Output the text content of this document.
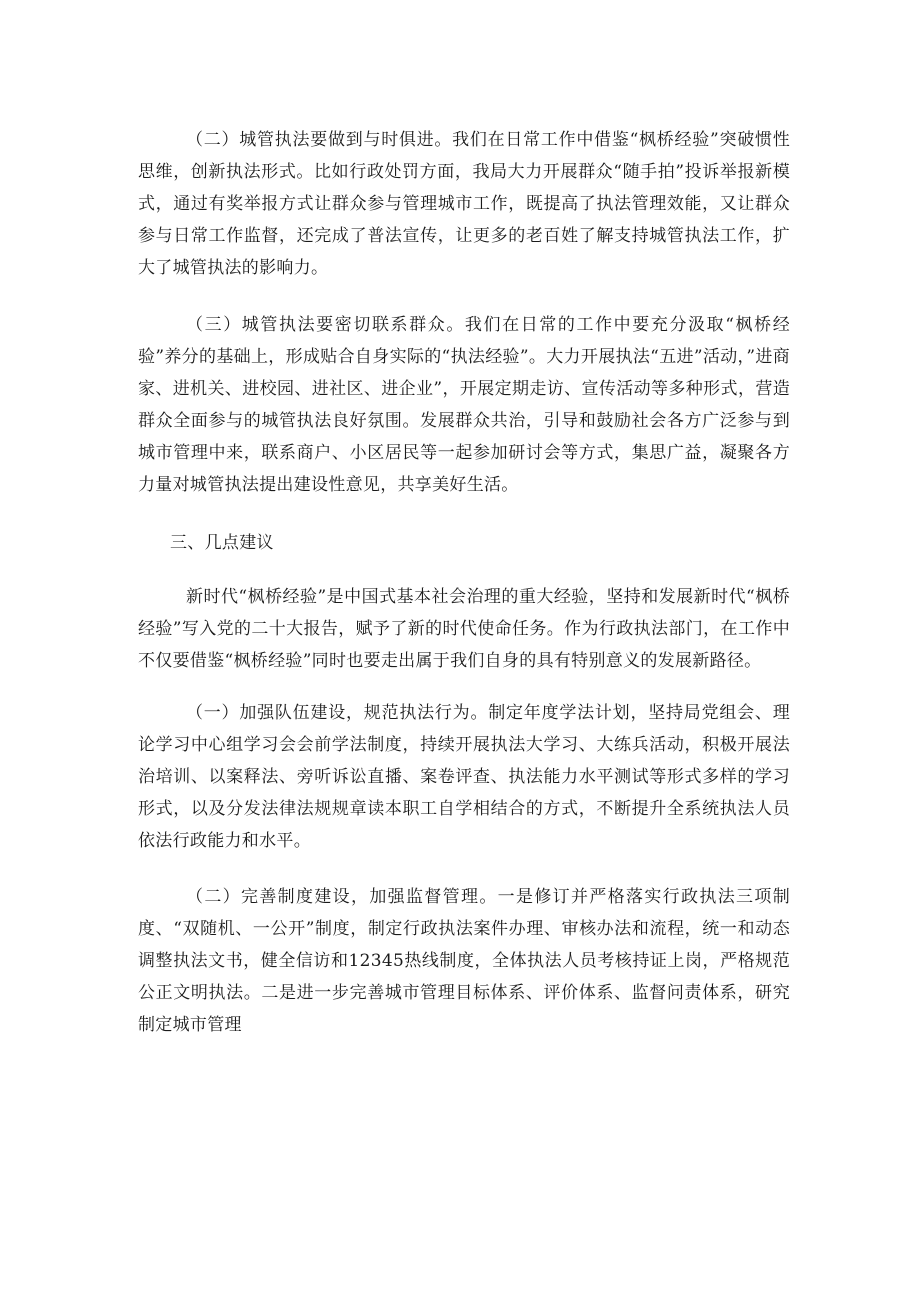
（二）城管执法要做到与时俱进。我们在日常工作中借鉴“枫桥经验”突破惯性思维，创新执法形式。比如行政处罚方面，我局大力开展群众“随手拍”投诉举报新模式，通过有奖举报方式让群众参与管理城市工作，既提高了执法管理效能，又让群众参与日常工作监督，还完成了普法宣传，让更多的老百姓了解支持城管执法工作，扩大了城管执法的影响力。

（三）城管执法要密切联系群众。我们在日常的工作中要充分汲取“枫桥经验”养分的基础上，形成贴合自身实际的“执法经验”。大力开展执法“五进”活动，”进商家、进机关、进校园、进社区、进企业”，开展定期走访、宣传活动等多种形式，营造群众全面参与的城管执法良好氛围。发展群众共治，引导和鼓励社会各方广泛参与到城市管理中来，联系商户、小区居民等一起参加研讨会等方式，集思广益，凝聚各方力量对城管执法提出建设性意见，共享美好生活。

三、几点建议

新时代“枫桥经验”是中国式基本社会治理的重大经验，坚持和发展新时代“枫桥经验”写入党的二十大报告，赋予了新的时代使命任务。作为行政执法部门，在工作中不仅要借鉴“枫桥经验”同时也要走出属于我们自身的具有特别意义的发展新路径。

（一）加强队伍建设，规范执法行为。制定年度学法计划，坚持局党组会、理论学习中心组学习会会前学法制度，持续开展执法大学习、大练兵活动，积极开展法治培训、以案释法、旁听诉讼直播、案卷评查、执法能力水平测试等形式多样的学习形式，以及分发法律法规规章读本职工自学相结合的方式，不断提升全系统执法人员依法行政能力和水平。

（二）完善制度建设，加强监督管理。一是修订并严格落实行政执法三项制度、“双随机、一公开”制度，制定行政执法案件办理、审核办法和流程，统一和动态调整执法文书，健全信访和12345热线制度，全体执法人员考核持证上岗，严格规范公正文明执法。二是进一步完善城市管理目标体系、评价体系、监督问责体系，研究制定城市管理
